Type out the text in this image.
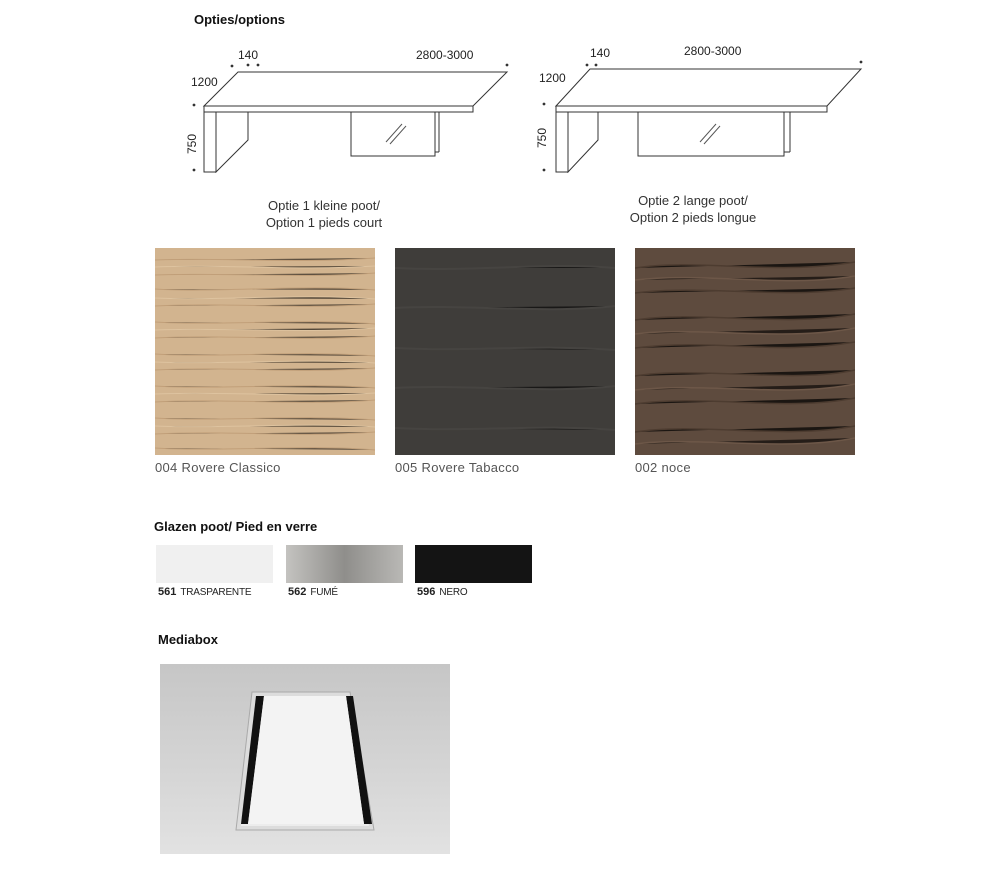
Opties/options
140	2800-3000
1200
750
Optie 1 kleine poot/
Option 1 pieds court
140	2800-3000
1200
750
Optie 2 lange poot/
Option 2 pieds longue
004 Rovere Classico	005 Rovere Tabacco	002 noce
Glazen poot/ Pied en verre
561 TRASPARENTE	562 FUMÉ	596 NERO
Mediabox
